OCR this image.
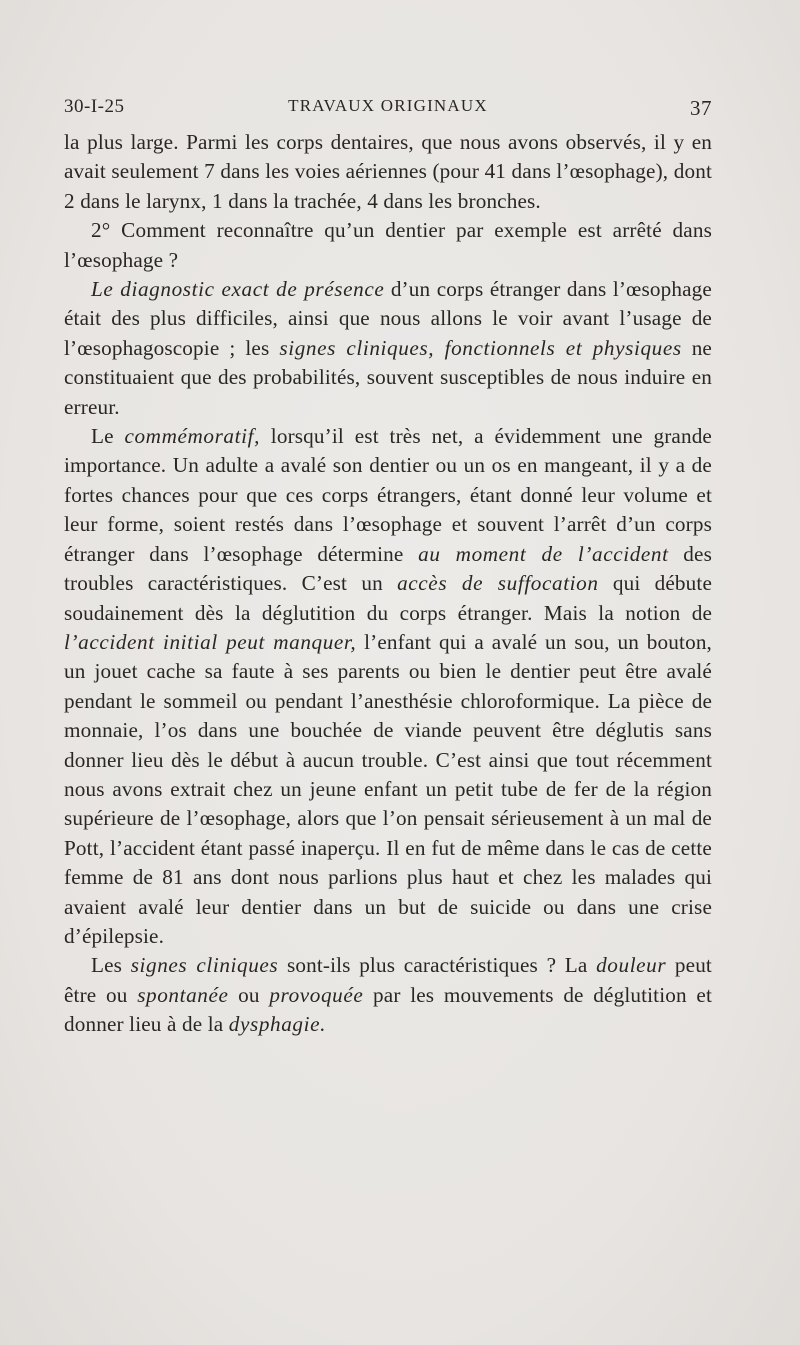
30-I-25	TRAVAUX ORIGINAUX	37

la plus large. Parmi les corps dentaires, que nous avons observés, il y en avait seulement 7 dans les voies aériennes (pour 41 dans l’œsophage), dont 2 dans le larynx, 1 dans la trachée, 4 dans les bronches.

2° Comment reconnaître qu’un dentier par exemple est arrêté dans l’œsophage ?

Le diagnostic exact de présence d’un corps étranger dans l’œsophage était des plus difficiles, ainsi que nous allons le voir avant l’usage de l’œsophagoscopie ; les signes cliniques, fonctionnels et physiques ne constituaient que des probabilités, souvent susceptibles de nous induire en erreur.

Le commémoratif, lorsqu’il est très net, a évidemment une grande importance. Un adulte a avalé son dentier ou un os en mangeant, il y a de fortes chances pour que ces corps étrangers, étant donné leur volume et leur forme, soient restés dans l’œsophage et souvent l’arrêt d’un corps étranger dans l’œsophage détermine au moment de l’accident des troubles caractéristiques. C’est un accès de suffocation qui débute soudainement dès la déglutition du corps étranger. Mais la notion de l’accident initial peut manquer, l’enfant qui a avalé un sou, un bouton, un jouet cache sa faute à ses parents ou bien le dentier peut être avalé pendant le sommeil ou pendant l’anesthésie chloroformique. La pièce de monnaie, l’os dans une bouchée de viande peuvent être déglutis sans donner lieu dès le début à aucun trouble. C’est ainsi que tout récemment nous avons extrait chez un jeune enfant un petit tube de fer de la région supérieure de l’œsophage, alors que l’on pensait sérieusement à un mal de Pott, l’accident étant passé inaperçu. Il en fut de même dans le cas de cette femme de 81 ans dont nous parlions plus haut et chez les malades qui avaient avalé leur dentier dans un but de suicide ou dans une crise d’épilepsie.

Les signes cliniques sont-ils plus caractéristiques ? La douleur peut être ou spontanée ou provoquée par les mouvements de déglutition et donner lieu à de la dysphagie.
